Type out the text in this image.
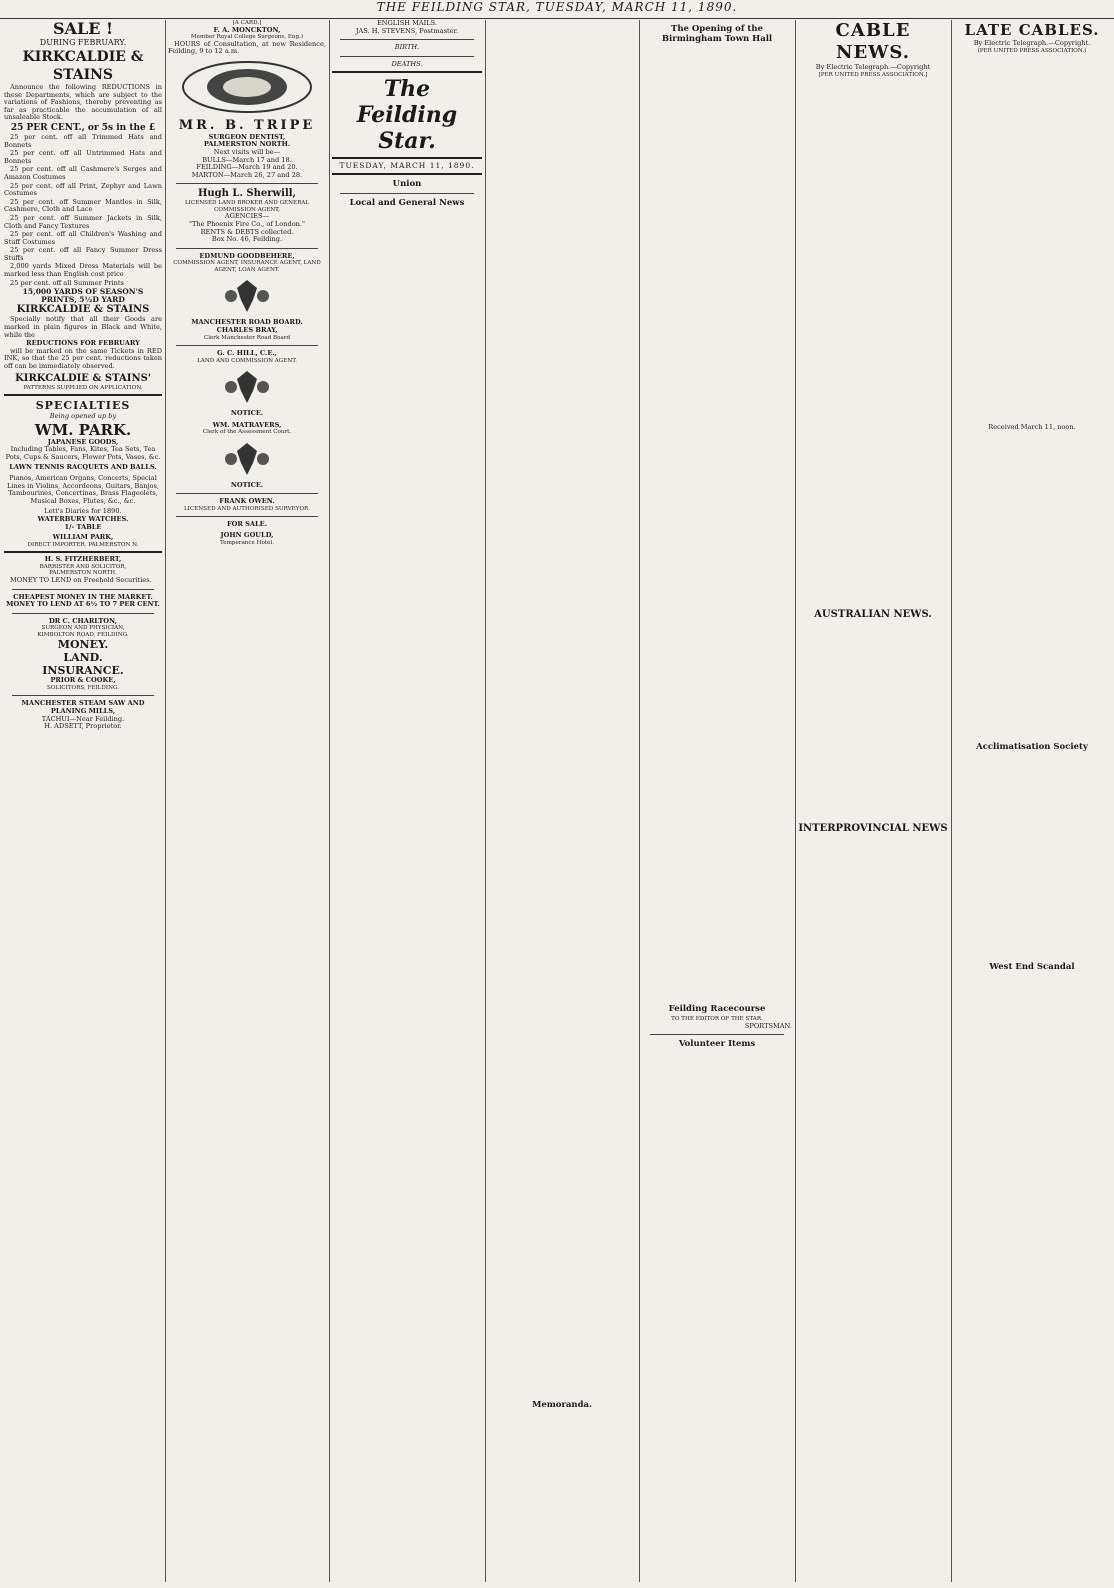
THE FEILDING STAR, TUESDAY, MARCH 11, 1890.
SALE !
DURING FEBRUARY.
KIRKCALDIE & STAINS

Announce the following REDUCTIONS in these Departments, which are subject to the variations of Fashions, thereby preventing as far as practicable the accumulation of all unsaleable Stock.

25 PER CENT., or 5s in the £

25 per cent. off all Trimmed Hats and Bonnets

25 per cent. off all Untrimmed Hats and Bonnets

25 per cent. off all Cashmere's Serges and Amazon Costumes

25 per cent. off all Print, Zephyr and Lawn Costumes

25 per cent. off Summer Mantles in Silk, Cashmere, Cloth and Lace

25 per cent. off Summer Jackets in Silk, Cloth and Fancy Textures

25 per cent. off all Children's Washing and Stuff Costumes

25 per cent. off all Fancy Summer Dress Stuffs

2,000 yards Mixed Dress Materials will be marked less than English cost price

25 per cent. off all Summer Prints

15,000 YARDS OF SEASON'S PRINTS, 5½D YARD
KIRKCALDIE & STAINS

Specially notify that all their Goods are marked in plain figures in Black and White, while the

REDUCTIONS FOR FEBRUARY

will be marked on the same Tickets in RED INK, so that the 25 per cent. reductions taken off can be immediately observed.

KIRKCALDIE & STAINS'
PATTERNS SUPPLIED ON APPLICATION.
SPECIALTIES
Being opened up by
WM. PARK.
JAPANESE GOODS,
Including Tables, Fans, Kites, Tea Sets, Tea Pots, Cups & Saucers, Flower Pots, Vases, &c.
LAWN TENNIS RACQUETS AND BALLS.
Pianos, American Organs, Concerts, Special Lines in Violins, Accordeons, Guitars, Banjos, Tambourines, Concertinas, Brass Flageolets, Musical Boxes, Flutes, &c., &c.
Lett's Diaries for 1890.
WATERBURY WATCHES.
1/- TABLE
WILLIAM PARK,
DIRECT IMPORTER. PALMERSTON N.
H. S. FITZHERBERT,
BARRISTER AND SOLICITOR,
PALMERSTON NORTH.

MONEY TO LEND on Freehold Securities.

CHEAPEST MONEY IN THE MARKET.
MONEY TO LEND AT 6½ TO 7 PER CENT.
DR C. CHARLTON,
SURGEON AND PHYSICIAN,
KIMBOLTON ROAD, FEILDING.
MONEY.
LAND.
INSURANCE.
PRIOR & COOKE,
SOLICITORS, FEILDING.
MANCHESTER STEAM SAW AND PLANING MILLS,
TACHUI—Near Feilding.
H. ADSETT, Proprietor.
[A CARD.]
F. A. MONCKTON,
Member Royal College Surgeons, Eng.)

HOURS of Consultation, at new Residence, Feilding, 9 to 12 a.m.

MR. B. TRIPE
SURGEON DENTIST,
PALMERSTON NORTH.
Next visits will be—
BULLS—March 17 and 18.
FEILDING—March 19 and 20.
MARTON—March 26, 27 and 28.
Hugh L. Sherwill,
LICENSED LAND BROKER AND GENERAL COMMISSION AGENT,
AGENCIES—
"The Phoenix Fire Co., of London."
RENTS & DEBTS collected.
Box No. 46, Feilding.
EDMUND GOODBEHERE,
COMMISSION AGENT, INSURANCE AGENT, LAND AGENT, LOAN AGENT.
MANCHESTER ROAD BOARD.
CHARLES BRAY,
Clerk Manchester Road Board
G. C. HILL, C.E.,
LAND AND COMMISSION AGENT.
NOTICE.
WM. MATRAVERS,
Clerk of the Assessment Court.
NOTICE.
FRANK OWEN.
LICENSED AND AUTHORISED SURVEYOR.
FOR SALE.
JOHN GOULD,
Temperance Hotel.
ENGLISH MAILS.
JAS. H. STEVENS, Postmaster.
BIRTH.
DEATHS.
The Feilding Star.
TUESDAY, MARCH 11, 1890.
Union
Local and General News
Memoranda.
The Opening of the Birmingham Town Hall
Feilding Racecourse
TO THE EDITOR OF THE STAR.
SPORTSMAN.
Volunteer Items
CABLE NEWS.
By Electric Telegraph.—Copyright
[PER UNITED PRESS ASSOCIATION.]
AUSTRALIAN NEWS.
INTERPROVINCIAL NEWS
LATE CABLES.
By Electric Telegraph.—Copyright.
(PER UNITED PRESS ASSOCIATION.)
Received March 11, noon.
Acclimatisation Society
West End Scandal
